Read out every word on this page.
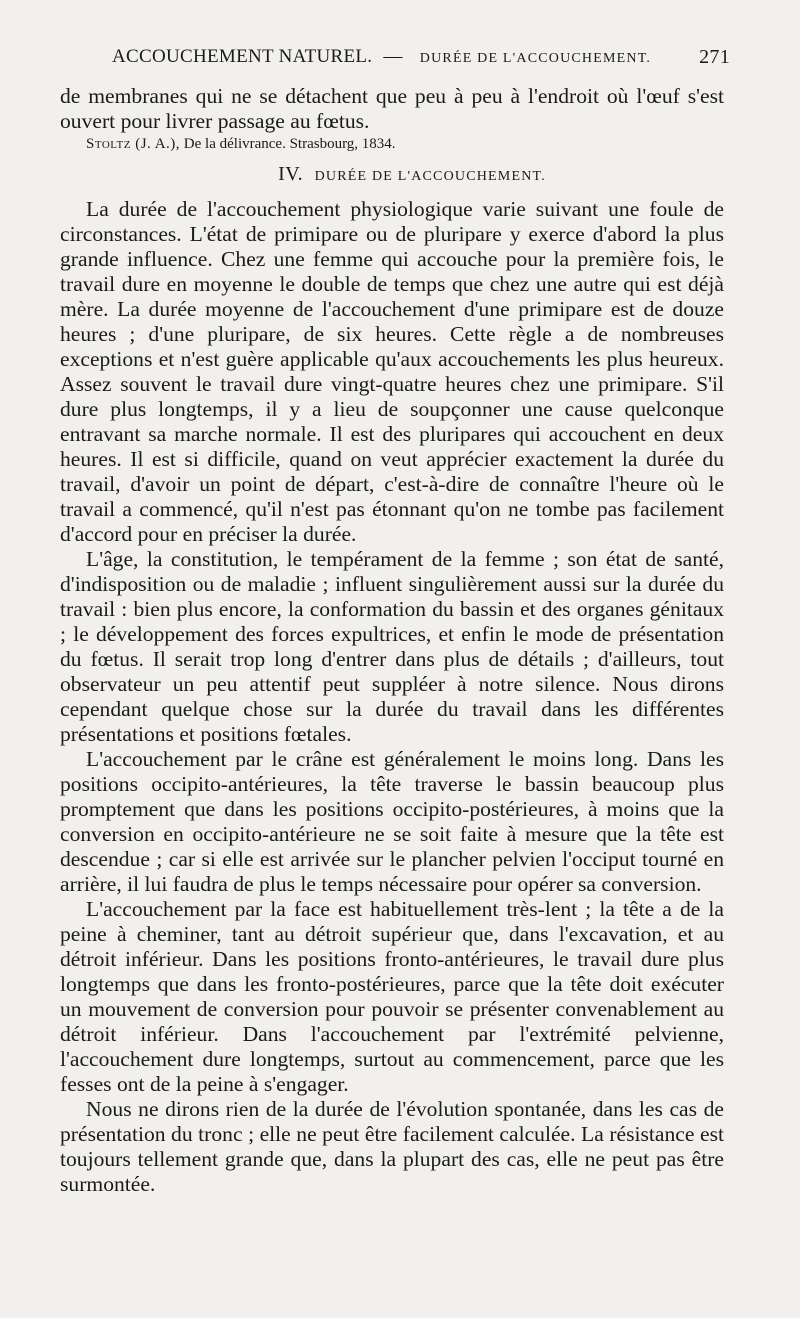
ACCOUCHEMENT NATUREL. — DURÉE DE L'ACCOUCHEMENT. 271

de membranes qui ne se détachent que peu à peu à l'endroit où l'œuf s'est ouvert pour livrer passage au fœtus.

Stoltz (J. A.), De la délivrance. Strasbourg, 1834.

IV. DURÉE DE L'ACCOUCHEMENT.

La durée de l'accouchement physiologique varie suivant une foule de circonstances. L'état de primipare ou de pluripare y exerce d'abord la plus grande influence. Chez une femme qui accouche pour la première fois, le travail dure en moyenne le double de temps que chez une autre qui est déjà mère. La durée moyenne de l'accouchement d'une primipare est de douze heures ; d'une pluripare, de six heures. Cette règle a de nombreuses exceptions et n'est guère applicable qu'aux accouchements les plus heureux. Assez souvent le travail dure vingt-quatre heures chez une primipare. S'il dure plus longtemps, il y a lieu de soupçonner une cause quelconque entravant sa marche normale. Il est des pluripares qui accouchent en deux heures. Il est si difficile, quand on veut apprécier exactement la durée du travail, d'avoir un point de départ, c'est-à-dire de connaître l'heure où le travail a commencé, qu'il n'est pas étonnant qu'on ne tombe pas facilement d'accord pour en préciser la durée.

L'âge, la constitution, le tempérament de la femme ; son état de santé, d'indisposition ou de maladie ; influent singulièrement aussi sur la durée du travail : bien plus encore, la conformation du bassin et des organes génitaux ; le développement des forces expultrices, et enfin le mode de présentation du fœtus. Il serait trop long d'entrer dans plus de détails ; d'ailleurs, tout observateur un peu attentif peut suppléer à notre silence. Nous dirons cependant quelque chose sur la durée du travail dans les différentes présentations et positions fœtales.

L'accouchement par le crâne est généralement le moins long. Dans les positions occipito-antérieures, la tête traverse le bassin beaucoup plus promptement que dans les positions occipito-postérieures, à moins que la conversion en occipito-antérieure ne se soit faite à mesure que la tête est descendue ; car si elle est arrivée sur le plancher pelvien l'occiput tourné en arrière, il lui faudra de plus le temps nécessaire pour opérer sa conversion.

L'accouchement par la face est habituellement très-lent ; la tête a de la peine à cheminer, tant au détroit supérieur que, dans l'excavation, et au détroit inférieur. Dans les positions fronto-antérieures, le travail dure plus longtemps que dans les fronto-postérieures, parce que la tête doit exécuter un mouvement de conversion pour pouvoir se présenter convenablement au détroit inférieur. Dans l'accouchement par l'extrémité pelvienne, l'accouchement dure longtemps, surtout au commencement, parce que les fesses ont de la peine à s'engager.

Nous ne dirons rien de la durée de l'évolution spontanée, dans les cas de présentation du tronc ; elle ne peut être facilement calculée. La résistance est toujours tellement grande que, dans la plupart des cas, elle ne peut pas être surmontée.
